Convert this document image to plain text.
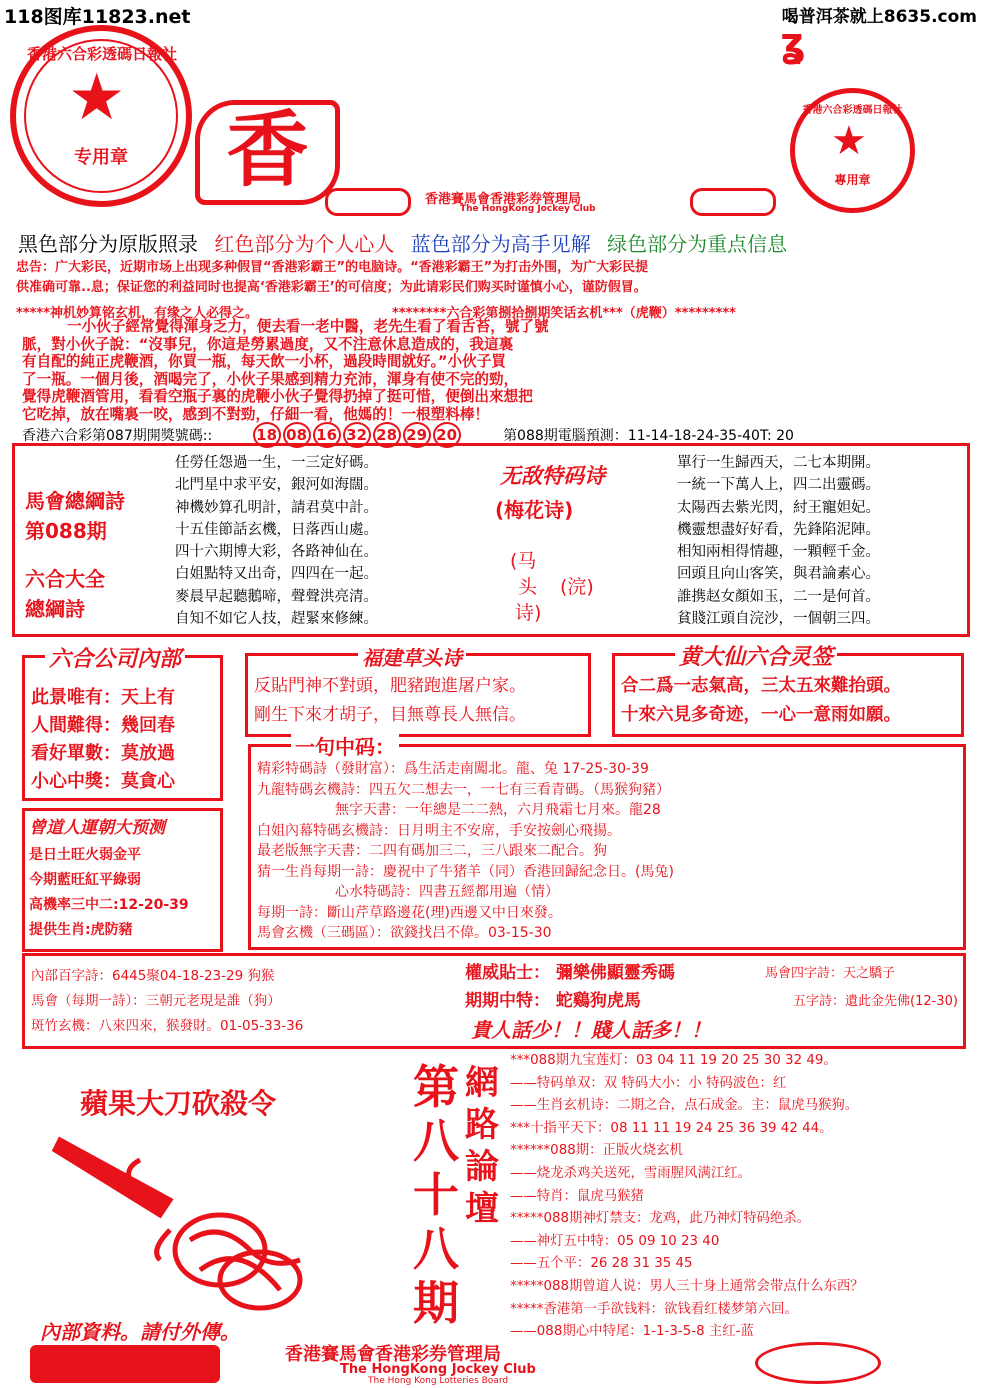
118图库11823.net	喝普洱茶就上8635.com
★
香港六合彩透碼日報社
专用章	香
香港賽馬會香港彩券管理局
The HongKong Jockey Club
ʓ
★
香港六合彩透碼日報社
專用章
黑色部分为原版照录 红色部分为个人心人 蓝色部分为高手见解 绿色部分为重点信息
忠告：广大彩民，近期市场上出现多种假冒“香港彩霸王”的电脑诗。“香港彩霸王”为打击外围，为广大彩民提
供准确可靠..息；保证您的利益同时也提高‘香港彩霸王’的可信度；为此请彩民们购买时谨慎小心，谨防假冒。
*****神机妙算铭玄机，有缘之人必得之。	********六合彩第捌拾捌期笑话玄机***（虎鞭）*********
一小伙子經常覺得渾身乏力，便去看一老中醫，老先生看了看舌苔，號了號
脈，對小伙子說：“沒事兒，你這是勞累過度，又不注意休息造成的，我這裏
有自配的純正虎鞭酒，你買一瓶，每天飲一小杯，過段時間就好。”小伙子買
了一瓶。一個月後，酒喝完了，小伙子果感到精力充沛，渾身有使不完的勁，
覺得虎鞭酒管用，看看空瓶子裏的虎鞭小伙子覺得扔掉了挺可惜，便倒出來想把
它吃掉，放在嘴裏一咬，感到不對勁，仔細一看，他媽的！一根塑料棒！
香港六合彩第087期開獎號碼::	18 08 16 32 28 29 20	第088期電腦預測：11-14-18-24-35-40T: 20
馬會總綱詩
第088期
六合大全
總綱詩
任勞任怨過一生，一三定好碼。
北門星中求平安，銀河如海闊。
神機妙算孔明計，請君莫中計。
十五佳節話玄機，日落西山處。
四十六期博大彩，各路神仙在。
白姐點特又出奇，四四在一起。
麥晨早起聽鵝啼，聲聲洪亮清。
自知不如它人技，趕緊來修練。
无敌特码诗
(梅花诗)
(马
头
诗)
(浣)
單行一生歸西天，二七本期開。
一統一下萬人上，四二出靈碼。
太陽西去紫光閃，紂王寵妲妃。
機靈想盡好好看，先鋒陷泥陣。
相知兩相得情趣，一顆輕千金。
回頭且向山客笑，與君論素心。
誰携赵女顏如玉，二一是何首。
貧賤江頭自浣沙，一個朝三四。
六合公司內部
此景唯有：天上有
人間難得：幾回春
看好單數：莫放過
小心中獎：莫貪心
福建草头诗
反貼門神不對頭，肥豬跑進屠户家。
剛生下來才胡子，目無尊長人無信。
黄大仙六合灵签
合二爲一志氣高，三太五來難抬頭。
十來六見多奇迹，一心一意雨如願。
一句中码：
精彩特碼詩（發財富）：爲生活走南闖北。龍、兔 17-25-30-39
九龍特碼玄機詩：四五欠二想去一，一七有三看青碼。（馬猴狗豬）
無字天書：一年總是二二熱，六月飛霜七月來。龍28
白姐內幕特碼玄機詩：日月明主不安席，手安按劍心飛揚。
最老版無字天書：二四有碼加三二，三八跟來二配合。狗
猜一生肖每期一詩：慶祝中了牛猪羊（同）香港回歸紀念日。(馬兔)
心水特碼詩：四書五經都用遍（情）
每期一詩：斷山芹草路邊花(理)西邊又中日來發。
馬會玄機（三碼區）：欲錢找吕不偉。03-15-30
曾道人運朝大预测
是日土旺火弱金平
今期藍旺紅平綠弱
高機率三中二:12-20-39
提供生肖:虎防豬
內部百字詩：6445聚04-18-23-29 狗猴
馬會（每期一詩）：三朝元老現是誰（狗）
斑竹玄機：八來四來，猴發財。01-05-33-36
權威貼士： 彌樂佛顯靈秀碼	馬會四字詩：天之驕子
期期中特： 蛇鷄狗虎馬	五字詩：遺此金先佛(12-30)
貴人話少！！賤人話多！！
蘋果大刀砍殺令	第八十八期
網路論壇
***088期九宝莲灯：03 04 11 19 20 25 30 32 49。
——特码单双：双 特码大小：小 特码波色：红
——生肖玄机诗：二期之合，点石成金。主：鼠虎马猴狗。
***十指平天下：08 11 11 19 24 25 36 39 42 44。
******088期：正版火烧玄机
——烧龙杀鸡关送死，雪雨腥风满江红。
——特肖：鼠虎马猴猪
*****088期神灯禁支：龙鸡，此乃神灯特码绝杀。
——神灯五中特：05 09 10 23 40
——五个平：26 28 31 35 45
*****088期曾道人说：男人三十身上通常会带点什么东西？
*****香港第一手欲钱料：欲钱看红楼梦第六回。
——088期心中特尾：1-1-3-5-8 主红-蓝
內部資料。請付外傳。
香港賽馬會香港彩券管理局
The HongKong Jockey Club
The Hong Kong Lotteries Board
